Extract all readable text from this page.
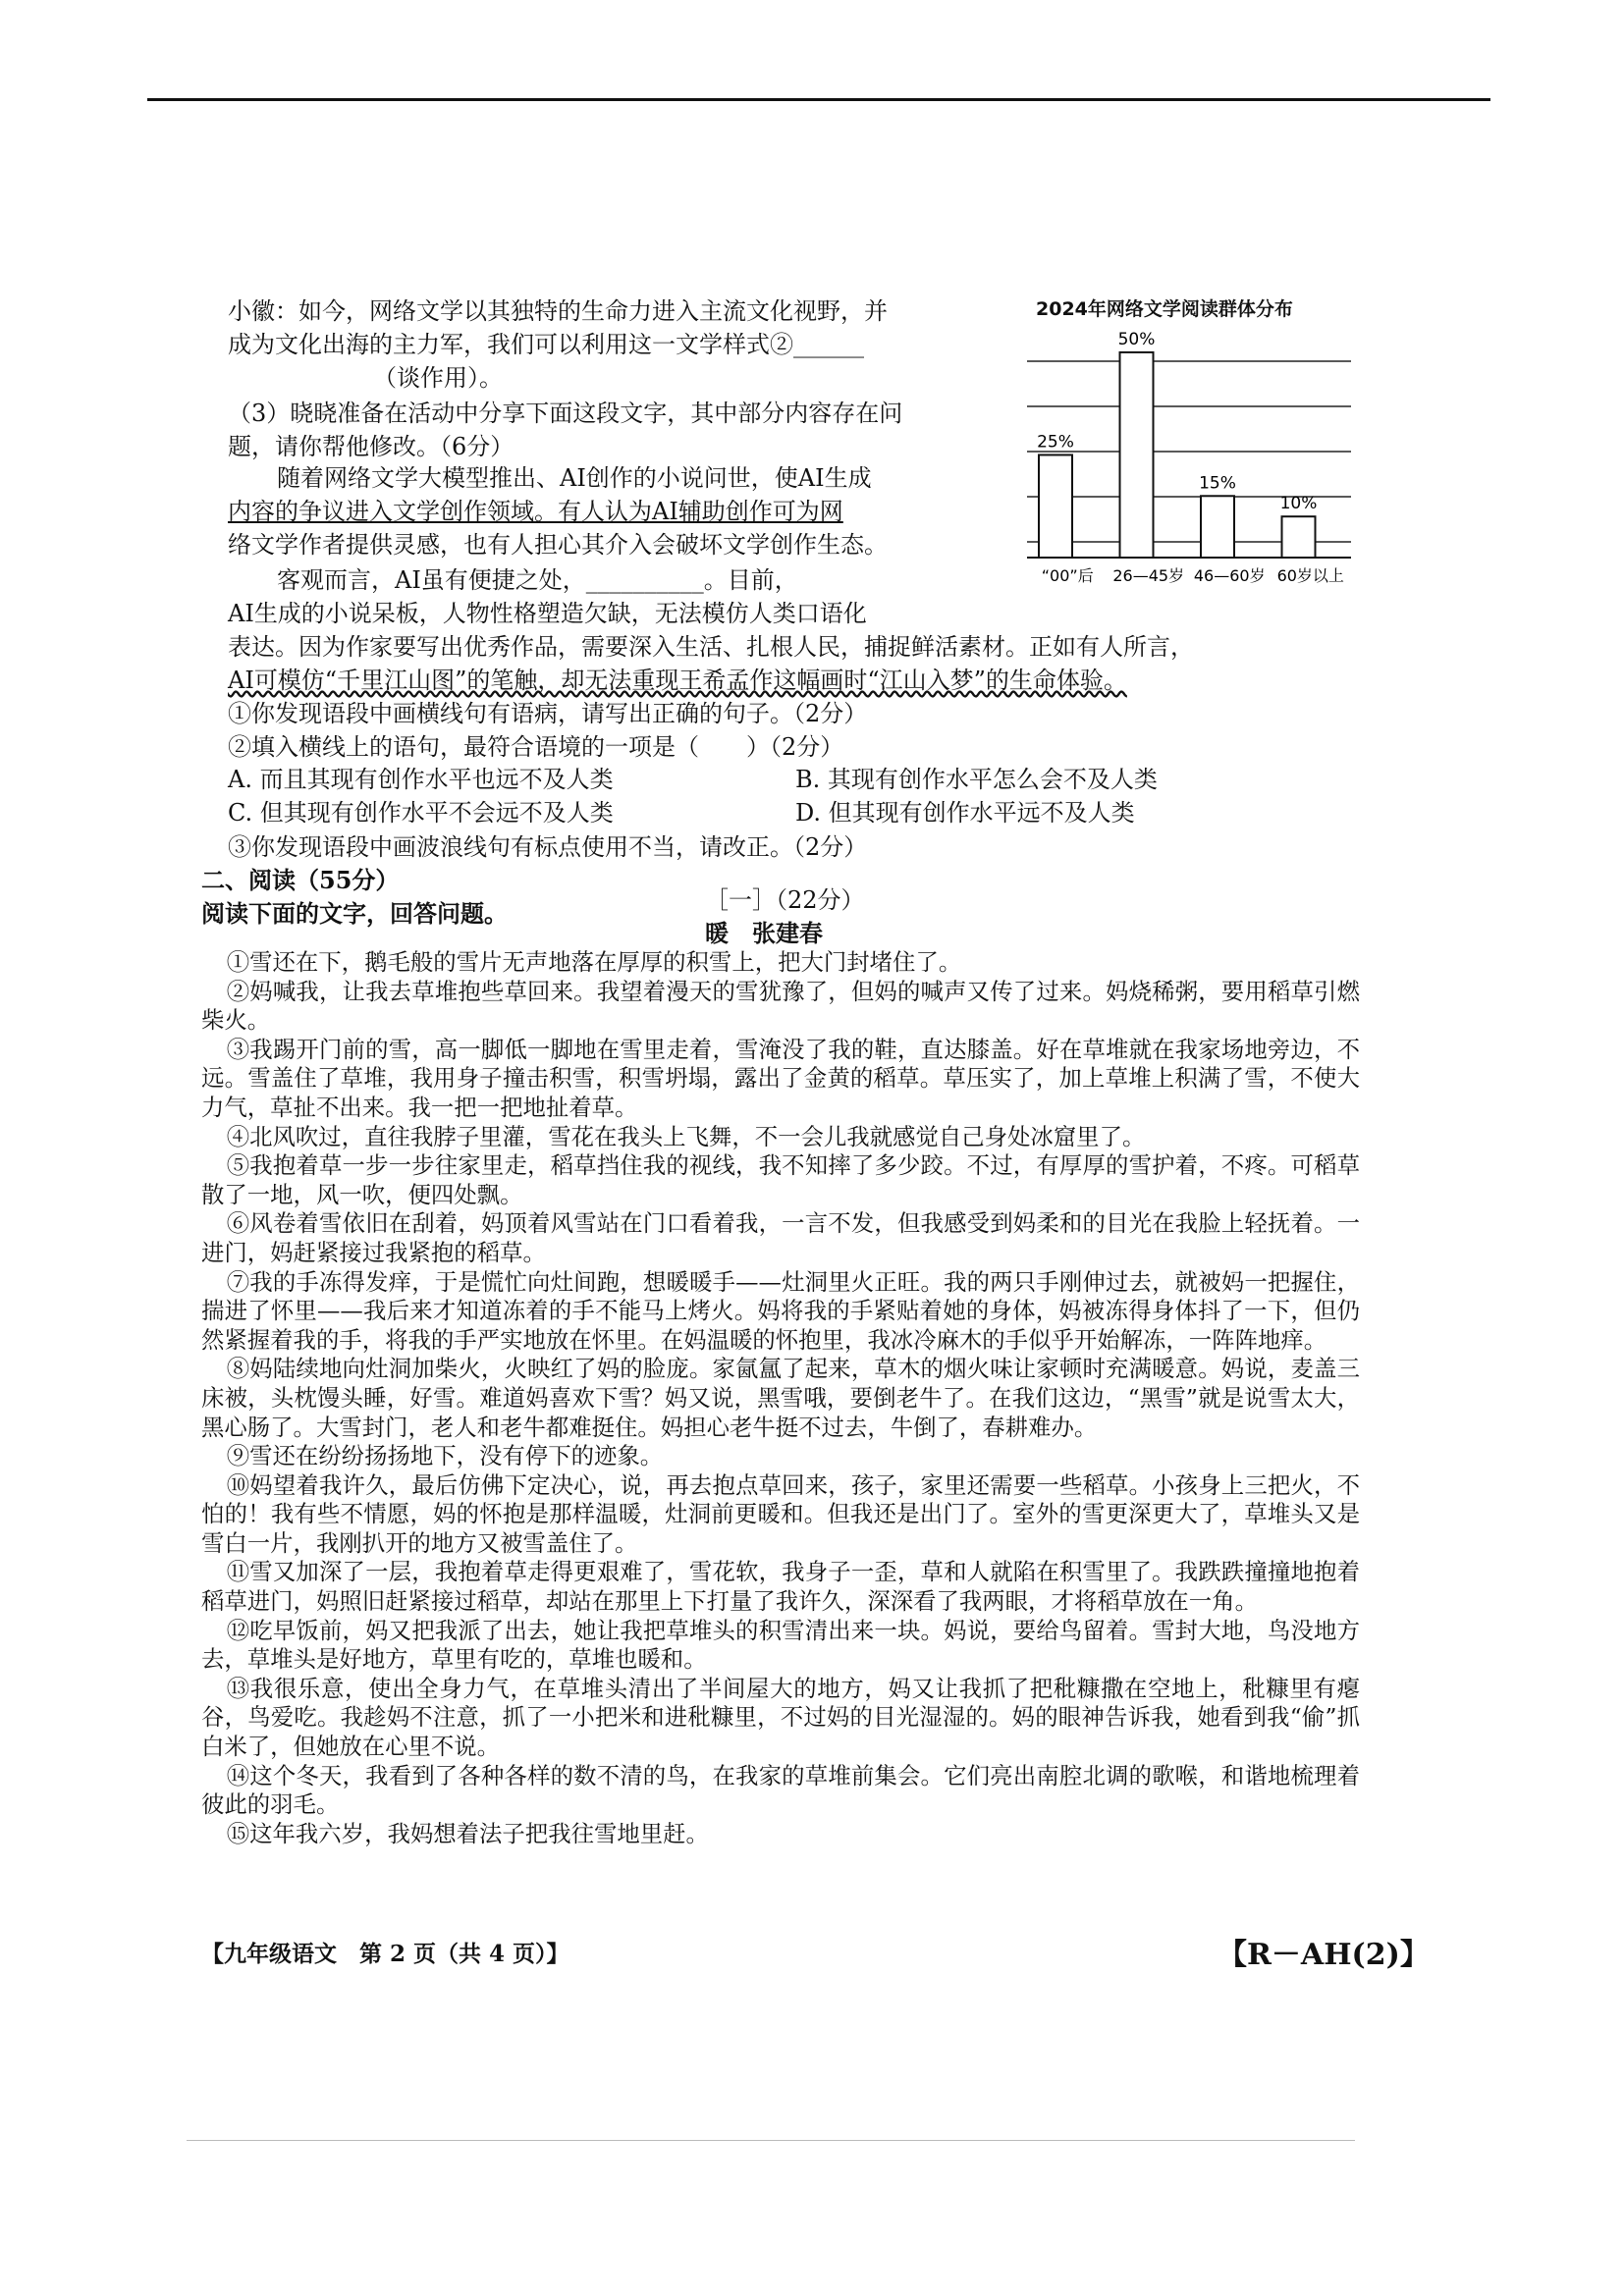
小徽：如今，网络文学以其独特的生命力进入主流文化视野，并
成为文化出海的主力军，我们可以利用这一文学样式②______
（谈作用）。
（3）晓晓准备在活动中分享下面这段文字，其中部分内容存在问
题，请你帮他修改。（6分）
随着网络文学大模型推出、AI创作的小说问世，使AI生成
内容的争议进入文学创作领域。有人认为AI辅助创作可为网
络文学作者提供灵感，也有人担心其介入会破坏文学创作生态。
客观而言，AI虽有便捷之处，__________。目前，
2024年网络文学阅读群体分布
25%
“00”后
50%
26—45岁
15%
46—60岁
10%
60岁以上
AI生成的小说呆板，人物性格塑造欠缺，无法模仿人类口语化
表达。因为作家要写出优秀作品，需要深入生活、扎根人民，捕捉鲜活素材。正如有人所言，
AI可模仿“千里江山图”的笔触，却无法重现王希孟作这幅画时“江山入梦”的生命体验。
①你发现语段中画横线句有语病，请写出正确的句子。（2分）
②填入横线上的语句，最符合语境的一项是（　　）（2分）
A. 而且其现有创作水平也远不及人类	B. 其现有创作水平怎么会不及人类
C. 但其现有创作水平不会远不及人类	D. 但其现有创作水平远不及人类
③你发现语段中画波浪线句有标点使用不当，请改正。（2分）
二、阅读（55分）
阅读下面的文字，回答问题。	［一］（22分）
暖　张建春
①雪还在下，鹅毛般的雪片无声地落在厚厚的积雪上，把大门封堵住了。
②妈喊我，让我去草堆抱些草回来。我望着漫天的雪犹豫了，但妈的喊声又传了过来。妈烧稀粥，要用稻草引燃柴火。
③我踢开门前的雪，高一脚低一脚地在雪里走着，雪淹没了我的鞋，直达膝盖。好在草堆就在我家场地旁边，不远。雪盖住了草堆，我用身子撞击积雪，积雪坍塌，露出了金黄的稻草。草压实了，加上草堆上积满了雪，不使大力气，草扯不出来。我一把一把地扯着草。
④北风吹过，直往我脖子里灌，雪花在我头上飞舞，不一会儿我就感觉自己身处冰窟里了。
⑤我抱着草一步一步往家里走，稻草挡住我的视线，我不知摔了多少跤。不过，有厚厚的雪护着，不疼。可稻草散了一地，风一吹，便四处飘。
⑥风卷着雪依旧在刮着，妈顶着风雪站在门口看着我，一言不发，但我感受到妈柔和的目光在我脸上轻抚着。一进门，妈赶紧接过我紧抱的稻草。
⑦我的手冻得发痒，于是慌忙向灶间跑，想暖暖手——灶洞里火正旺。我的两只手刚伸过去，就被妈一把握住，揣进了怀里——我后来才知道冻着的手不能马上烤火。妈将我的手紧贴着她的身体，妈被冻得身体抖了一下，但仍然紧握着我的手，将我的手严实地放在怀里。在妈温暖的怀抱里，我冰冷麻木的手似乎开始解冻，一阵阵地痒。
⑧妈陆续地向灶洞加柴火，火映红了妈的脸庞。家氤氲了起来，草木的烟火味让家顿时充满暖意。妈说，麦盖三床被，头枕馒头睡，好雪。难道妈喜欢下雪？妈又说，黑雪哦，要倒老牛了。在我们这边，“黑雪”就是说雪太大，黑心肠了。大雪封门，老人和老牛都难挺住。妈担心老牛挺不过去，牛倒了，春耕难办。
⑨雪还在纷纷扬扬地下，没有停下的迹象。
⑩妈望着我许久，最后仿佛下定决心，说，再去抱点草回来，孩子，家里还需要一些稻草。小孩身上三把火，不怕的！我有些不情愿，妈的怀抱是那样温暖，灶洞前更暖和。但我还是出门了。室外的雪更深更大了，草堆头又是雪白一片，我刚扒开的地方又被雪盖住了。
⑪雪又加深了一层，我抱着草走得更艰难了，雪花软，我身子一歪，草和人就陷在积雪里了。我跌跌撞撞地抱着稻草进门，妈照旧赶紧接过稻草，却站在那里上下打量了我许久，深深看了我两眼，才将稻草放在一角。
⑫吃早饭前，妈又把我派了出去，她让我把草堆头的积雪清出来一块。妈说，要给鸟留着。雪封大地，鸟没地方去，草堆头是好地方，草里有吃的，草堆也暖和。
⑬我很乐意，使出全身力气，在草堆头清出了半间屋大的地方，妈又让我抓了把秕糠撒在空地上，秕糠里有瘪谷，鸟爱吃。我趁妈不注意，抓了一小把米和进秕糠里，不过妈的目光湿湿的。妈的眼神告诉我，她看到我“偷”抓白米了，但她放在心里不说。
⑭这个冬天，我看到了各种各样的数不清的鸟，在我家的草堆前集会。它们亮出南腔北调的歌喉，和谐地梳理着彼此的羽毛。
⑮这年我六岁，我妈想着法子把我往雪地里赶。
【九年级语文　第 2 页（共 4 页）】	【R－AH(2)】
